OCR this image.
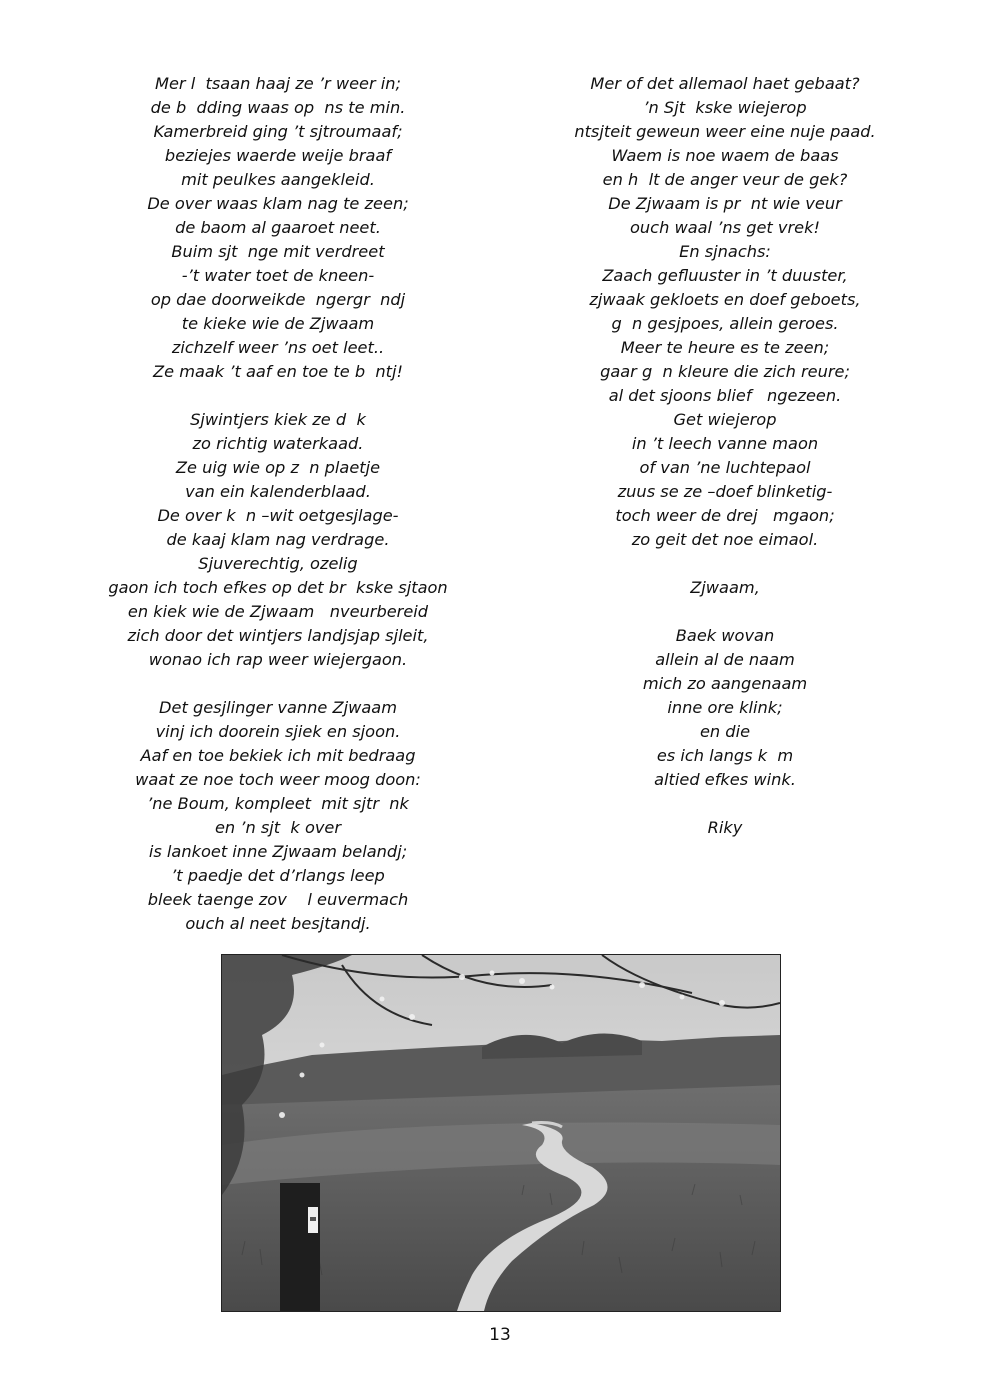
Mer l  tsaan haaj ze ’r weer in;
de b  dding waas op  ns te min.
Kamerbreid ging ’t sjtroumaaf;
beziejes waerde weije braaf
mit peulkes aangekleid.
De over waas klam nag te zeen;
de baom al gaaroet neet.
Buim sjt  nge mit verdreet
-’t water toet de kneen-
op dae doorweikde  ngergr  ndj
te kieke wie de Zjwaam
zichzelf weer ’ns oet leet..
Ze maak ’t aaf en toe te b  ntj!
Sjwintjers kiek ze d  k
zo richtig waterkaad.
Ze uig wie op z  n plaetje
van ein kalenderblaad.
De over k  n –wit oetgesjlage-
de kaaj klam nag verdrage.
Sjuverechtig, ozelig
gaon ich toch efkes op det br  kske sjtaon
en kiek wie de Zjwaam   nveurbereid
zich door det wintjers landjsjap sjleit,
wonao ich rap weer wiejergaon.
Det gesjlinger vanne Zjwaam
vinj ich doorein sjiek en sjoon.
Aaf en toe bekiek ich mit bedraag
waat ze noe toch weer moog doon:
’ne Boum, kompleet  mit sjtr  nk
en ’n sjt  k over
is lankoet inne Zjwaam belandj;
’t paedje det d’rlangs leep
bleek taenge zov    l euvermach
ouch al neet besjtandj.
Mer of det allemaol haet gebaat?
’n Sjt  kske wiejerop
ntsjteit geweun weer eine nuje paad.
Waem is noe waem de baas
en h  lt de anger veur de gek?
De Zjwaam is pr  nt wie veur
ouch waal ’ns get vrek!
En sjnachs:
Zaach gefluuster in ’t duuster,
zjwaak gekloets en doef geboets,
g  n gesjpoes, allein geroes.
Meer te heure es te zeen;
gaar g  n kleure die zich reure;
al det sjoons blief   ngezeen.
Get wiejerop
in ’t leech vanne maon
of van ’ne luchtepaol
zuus se ze –doef blinketig-
toch weer de drej   mgaon;
zo geit det noe eimaol.
Zjwaam,
Baek wovan
allein al de naam
mich zo aangenaam
inne ore klink;
en die
es ich langs k  m
altied efkes wink.
Riky
13
